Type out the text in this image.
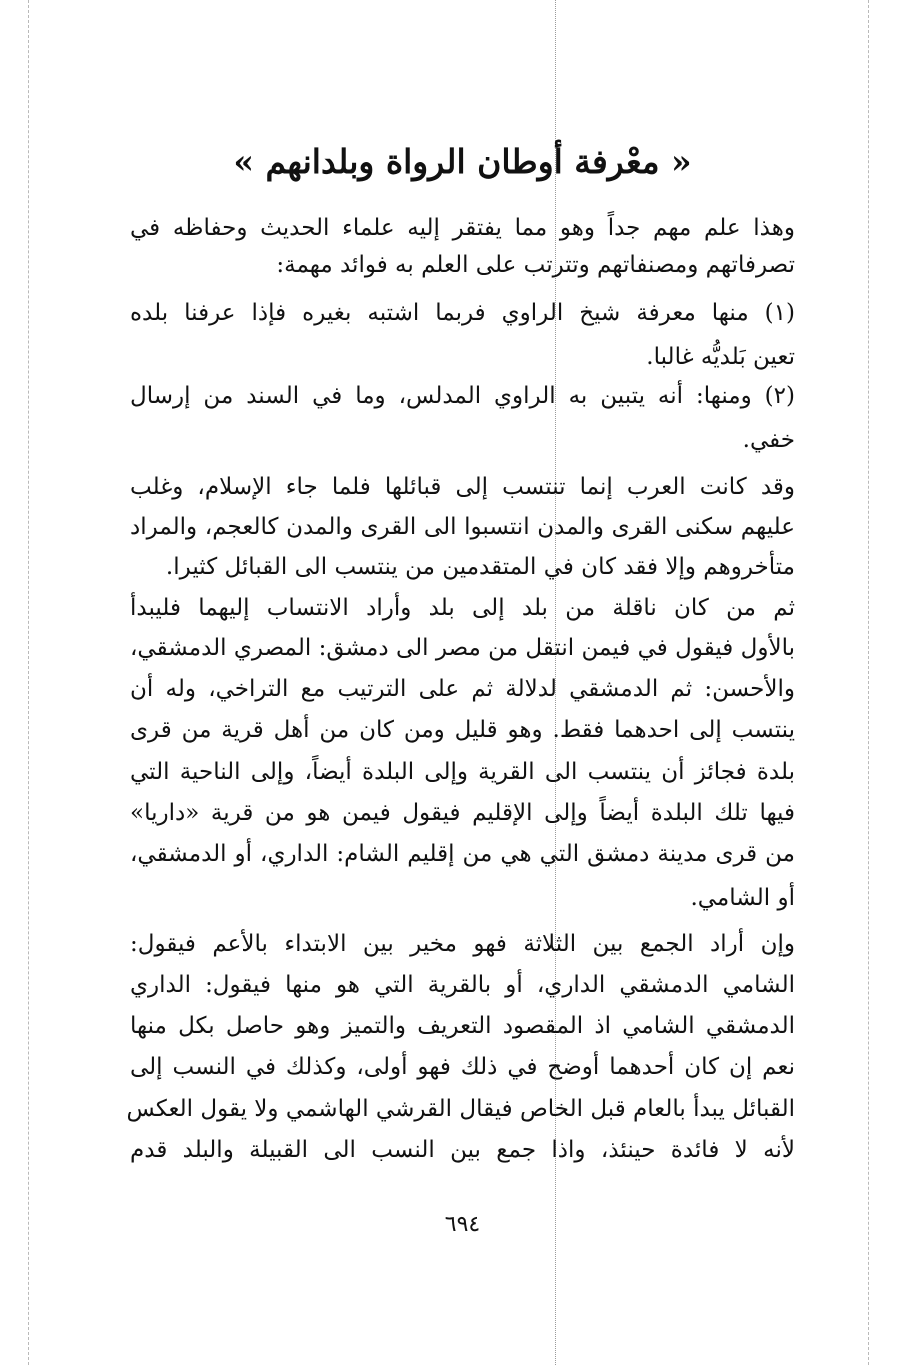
« معْرفة أوطان الرواة وبلدانهم »
وهذا علم مهم جداً وهو مما يفتقر إليه علماء الحديث وحفاظه في
تصرفاتهم ومصنفاتهم وتترتب على العلم به فوائد مهمة:
(١) منها معرفة شيخ الراوي فربما اشتبه بغيره فإذا عرفنا بلده
تعين بَلديُّه غالبا.
(٢) ومنها: أنه يتبين به الراوي المدلس، وما في السند من إرسال
خفي.
وقد كانت العرب إنما تنتسب إلى قبائلها فلما جاء الإسلام، وغلب
عليهم سكنى القرى والمدن انتسبوا الى القرى والمدن كالعجم، والمراد
متأخروهم وإلا فقد كان في المتقدمين من ينتسب الى القبائل كثيرا.
ثم من كان ناقلة من بلد إلى بلد وأراد الانتساب إليهما فليبدأ
بالأول فيقول في فيمن انتقل من مصر الى دمشق: المصري الدمشقي،
والأحسن: ثم الدمشقي لدلالة ثم على الترتيب مع التراخي، وله أن
ينتسب إلى احدهما فقط. وهو قليل ومن كان من أهل قرية من قرى
بلدة فجائز أن ينتسب الى القرية وإلى البلدة أيضاً، وإلى الناحية التي
فيها تلك البلدة أيضاً وإلى الإقليم فيقول فيمن هو من قرية «داريا»
من قرى مدينة دمشق التي هي من إقليم الشام: الداري، أو الدمشقي،
أو الشامي.
وإن أراد الجمع بين الثلاثة فهو مخير بين الابتداء بالأعم فيقول:
الشامي الدمشقي الداري، أو بالقرية التي هو منها فيقول: الداري
الدمشقي الشامي اذ المقصود التعريف والتميز وهو حاصل بكل منها
نعم إن كان أحدهما أوضح في ذلك فهو أولى، وكذلك في النسب إلى
القبائل يبدأ بالعام قبل الخاص فيقال القرشي الهاشمي ولا يقول العكس
لأنه لا فائدة حينئذ، واذا جمع بين النسب الى القبيلة والبلد قدم
٦٩٤
